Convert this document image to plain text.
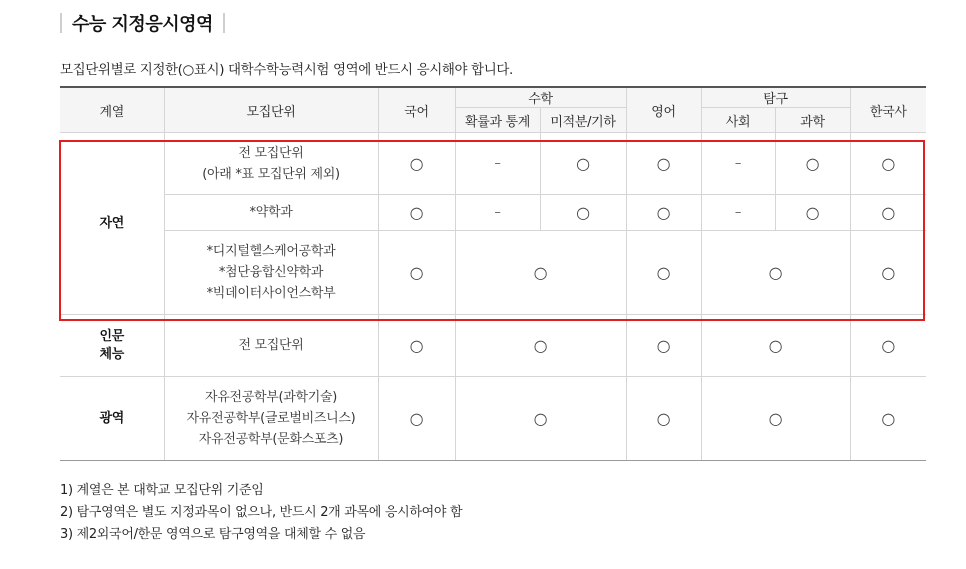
수능 지정응시영역
모집단위별로 지정한(○표시) 대학수학능력시험 영역에 반드시 응시해야 합니다.
계열	모집단위	국어	수학		영어	탐구		한국사
			확률과 통계	미적분/기하		사회	과학	
자연	전 모집단위
(아래 *표 모집단위 제외)	○	–	○	○	–	○	○

	*약학과	○	–	○	○	–	○	○

	*디지털헬스케어공학과
*첨단융합신약학과
*빅데이터사이언스학부	○	○		○	○		○

인문
체능	전 모집단위	○	○		○	○		○
광역	자유전공학부(과학기술)
자유전공학부(글로벌비즈니스)
자유전공학부(문화스포츠)	○	○		○	○		○
1) 계열은 본 대학교 모집단위 기준임
2) 탐구영역은 별도 지정과목이 없으나, 반드시 2개 과목에 응시하여야 함
3) 제2외국어/한문 영역으로 탐구영역을 대체할 수 없음
